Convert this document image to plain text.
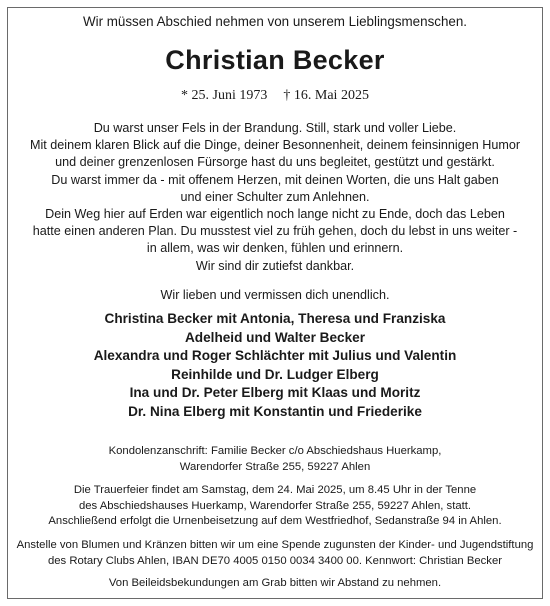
Wir müssen Abschied nehmen von unserem Lieblingsmenschen.
Christian Becker
* 25. Juni 1973 † 16. Mai 2025
Du warst unser Fels in der Brandung. Still, stark und voller Liebe.
Mit deinem klaren Blick auf die Dinge, deiner Besonnenheit, deinem feinsinnigen Humor
und deiner grenzenlosen Fürsorge hast du uns begleitet, gestützt und gestärkt.
Du warst immer da - mit offenem Herzen, mit deinen Worten, die uns Halt gaben
und einer Schulter zum Anlehnen.
Dein Weg hier auf Erden war eigentlich noch lange nicht zu Ende, doch das Leben
hatte einen anderen Plan. Du musstest viel zu früh gehen, doch du lebst in uns weiter -
in allem, was wir denken, fühlen und erinnern.
Wir sind dir zutiefst dankbar.
Wir lieben und vermissen dich unendlich.
Christina Becker mit Antonia, Theresa und Franziska
Adelheid und Walter Becker
Alexandra und Roger Schlächter mit Julius und Valentin
Reinhilde und Dr. Ludger Elberg
Ina und Dr. Peter Elberg mit Klaas und Moritz
Dr. Nina Elberg mit Konstantin und Friederike
Kondolenzanschrift: Familie Becker c/o Abschiedshaus Huerkamp,
Warendorfer Straße 255, 59227 Ahlen
Die Trauerfeier findet am Samstag, dem 24. Mai 2025, um 8.45 Uhr in der Tenne
des Abschiedshauses Huerkamp, Warendorfer Straße 255, 59227 Ahlen, statt.
Anschließend erfolgt die Urnenbeisetzung auf dem Westfriedhof, Sedanstraße 94 in Ahlen.
Anstelle von Blumen und Kränzen bitten wir um eine Spende zugunsten der Kinder- und Jugendstiftung
des Rotary Clubs Ahlen, IBAN DE70 4005 0150 0034 3400 00. Kennwort: Christian Becker
Von Beileidsbekundungen am Grab bitten wir Abstand zu nehmen.
